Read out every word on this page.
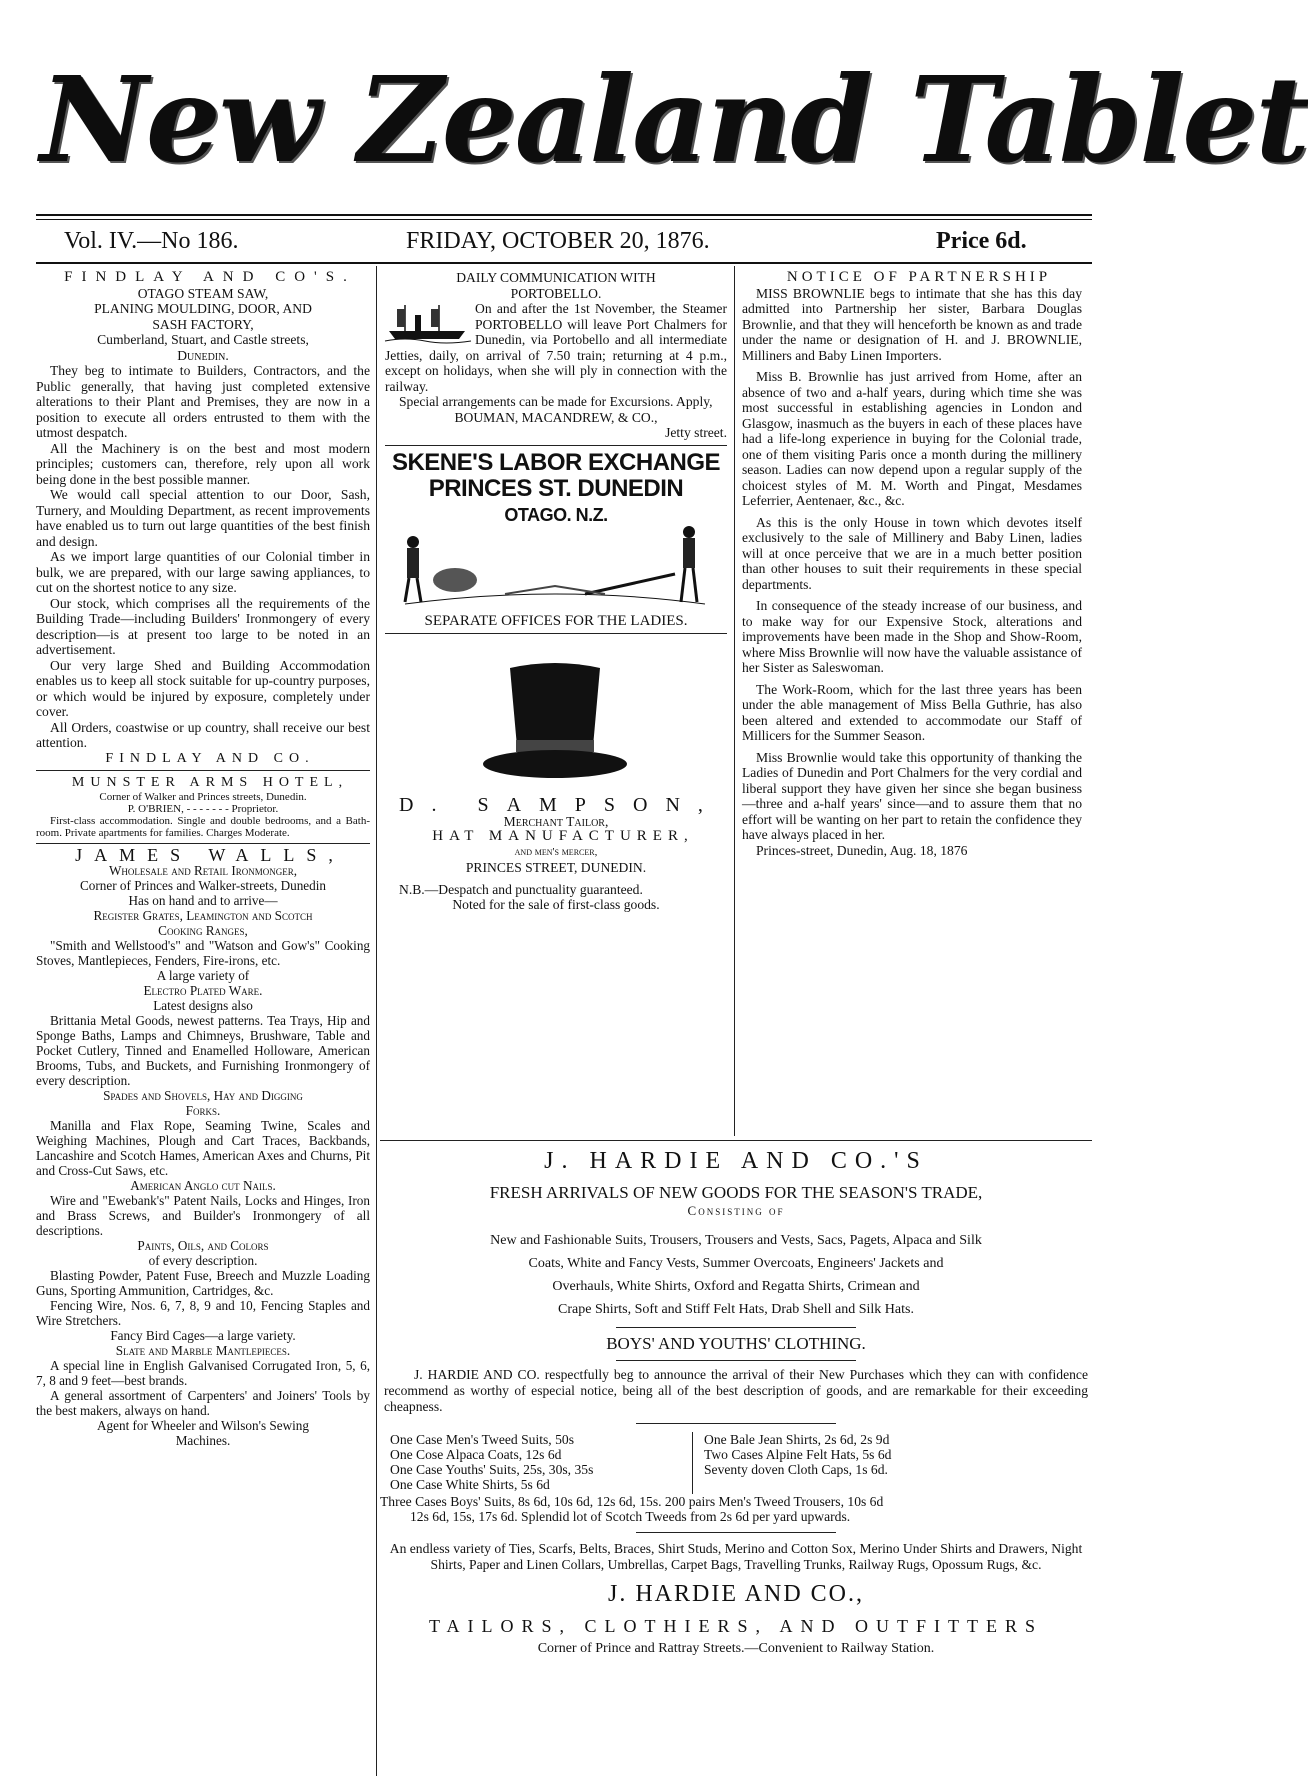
New Zealand Tablet
Vol. IV.—No 186.	FRIDAY, OCTOBER 20, 1876.	Price 6d.

FINDLAY AND CO'S.

OTAGO STEAM SAW,

PLANING MOULDING, DOOR, AND

SASH FACTORY,

Cumberland, Stuart, and Castle streets,

Dunedin.

They beg to intimate to Builders, Contractors, and the Public generally, that having just completed extensive alterations to their Plant and Premises, they are now in a position to execute all orders entrusted to them with the utmost despatch.

All the Machinery is on the best and most modern principles; customers can, therefore, rely upon all work being done in the best possible manner.

We would call special attention to our Door, Sash, Turnery, and Moulding Department, as recent improvements have enabled us to turn out large quantities of the best finish and design.

As we import large quantities of our Colonial timber in bulk, we are prepared, with our large sawing appliances, to cut on the shortest notice to any size.

Our stock, which comprises all the requirements of the Building Trade—including Builders' Ironmongery of every description—is at present too large to be noted in an advertisement.

Our very large Shed and Building Accommodation enables us to keep all stock suitable for up-country purposes, or which would be injured by exposure, completely under cover.

All Orders, coastwise or up country, shall receive our best attention.

FINDLAY AND CO.

MUNSTER ARMS HOTEL,

Corner of Walker and Princes streets, Dunedin.

P. O'BRIEN, - - - - - - - Proprietor.

First-class accommodation. Single and double bedrooms, and a Bath-room. Private apartments for families. Charges Moderate.

JAMES WALLS,

Wholesale and Retail Ironmonger,

Corner of Princes and Walker-streets, Dunedin

Has on hand and to arrive—

Register Grates, Leamington and Scotch

Cooking Ranges,

"Smith and Wellstood's" and "Watson and Gow's" Cooking Stoves, Mantlepieces, Fenders, Fire-irons, etc.

A large variety of

Electro Plated Ware.

Latest designs also

Brittania Metal Goods, newest patterns. Tea Trays, Hip and Sponge Baths, Lamps and Chimneys, Brushware, Table and Pocket Cutlery, Tinned and Enamelled Holloware, American Brooms, Tubs, and Buckets, and Furnishing Ironmongery of every description.

Spades and Shovels, Hay and Digging

Forks.

Manilla and Flax Rope, Seaming Twine, Scales and Weighing Machines, Plough and Cart Traces, Backbands, Lancashire and Scotch Hames, American Axes and Churns, Pit and Cross-Cut Saws, etc.

American Anglo cut Nails.

Wire and "Ewebank's" Patent Nails, Locks and Hinges, Iron and Brass Screws, and Builder's Ironmongery of all descriptions.

Paints, Oils, and Colors

of every description.

Blasting Powder, Patent Fuse, Breech and Muzzle Loading Guns, Sporting Ammunition, Cartridges, &c.

Fencing Wire, Nos. 6, 7, 8, 9 and 10, Fencing Staples and Wire Stretchers.

Fancy Bird Cages—a large variety.

Slate and Marble Mantlepieces.

A special line in English Galvanised Corrugated Iron, 5, 6, 7, 8 and 9 feet—best brands.

A general assortment of Carpenters' and Joiners' Tools by the best makers, always on hand.

Agent for Wheeler and Wilson's Sewing

Machines.

DAILY COMMUNICATION WITH

PORTOBELLO.

On and after the 1st November, the Steamer PORTOBELLO will leave Port Chalmers for Dunedin, via Portobello and all intermediate Jetties, daily, on arrival of 7.50 train; returning at 4 p.m., except on holidays, when she will ply in connection with the railway.

Special arrangements can be made for Excursions. Apply,

BOUMAN, MACANDREW, & CO.,

Jetty street.

SKENE'S LABOR EXCHANGE
PRINCES ST. DUNEDIN
OTAGO. N.Z.

SEPARATE OFFICES FOR THE LADIES.

D. SAMPSON,

Merchant Tailor,

HAT MANUFACTURER,

and men's mercer,

PRINCES STREET, DUNEDIN.

N.B.—Despatch and punctuality guaranteed.

Noted for the sale of first-class goods.

NOTICE OF PARTNERSHIP

MISS BROWNLIE begs to intimate that she has this day admitted into Partnership her sister, Barbara Douglas Brownlie, and that they will henceforth be known as and trade under the name or designation of H. and J. BROWNLIE, Milliners and Baby Linen Importers.

Miss B. Brownlie has just arrived from Home, after an absence of two and a-half years, during which time she was most successful in establishing agencies in London and Glasgow, inasmuch as the buyers in each of these places have had a life-long experience in buying for the Colonial trade, one of them visiting Paris once a month during the millinery season. Ladies can now depend upon a regular supply of the choicest styles of M. M. Worth and Pingat, Mesdames Leferrier, Aentenaer, &c., &c.

As this is the only House in town which devotes itself exclusively to the sale of Millinery and Baby Linen, ladies will at once perceive that we are in a much better position than other houses to suit their requirements in these special departments.

In consequence of the steady increase of our business, and to make way for our Expensive Stock, alterations and improvements have been made in the Shop and Show-Room, where Miss Brownlie will now have the valuable assistance of her Sister as Saleswoman.

The Work-Room, which for the last three years has been under the able management of Miss Bella Guthrie, has also been altered and extended to accommodate our Staff of Millicers for the Summer Season.

Miss Brownlie would take this opportunity of thanking the Ladies of Dunedin and Port Chalmers for the very cordial and liberal support they have given her since she began business—three and a-half years' since—and to assure them that no effort will be wanting on her part to retain the confidence they have always placed in her.

Princes-street, Dunedin, Aug. 18, 1876

J. HARDIE AND CO.'S
FRESH ARRIVALS OF NEW GOODS FOR THE SEASON'S TRADE,
Consisting of
New and Fashionable Suits, Trousers, Trousers and Vests, Sacs, Pagets, Alpaca and Silk
Coats, White and Fancy Vests, Summer Overcoats, Engineers' Jackets and
Overhauls, White Shirts, Oxford and Regatta Shirts, Crimean and
Crape Shirts, Soft and Stiff Felt Hats, Drab Shell and Silk Hats.
BOYS' AND YOUTHS' CLOTHING.
J. HARDIE AND CO. respectfully beg to announce the arrival of their New Purchases which they can with confidence recommend as worthy of especial notice, being all of the best description of goods, and are remarkable for their exceeding cheapness.
One Case Men's Tweed Suits, 50s
One Cose Alpaca Coats, 12s 6d
One Case Youths' Suits, 25s, 30s, 35s
One Case White Shirts, 5s 6d
One Bale Jean Shirts, 2s 6d, 2s 9d
Two Cases Alpine Felt Hats, 5s 6d
Seventy doven Cloth Caps, 1s 6d.
Three Cases Boys' Suits, 8s 6d, 10s 6d, 12s 6d, 15s. 200 pairs Men's Tweed Trousers, 10s 6d
12s 6d, 15s, 17s 6d. Splendid lot of Scotch Tweeds from 2s 6d per yard upwards.
An endless variety of Ties, Scarfs, Belts, Braces, Shirt Studs, Merino and Cotton Sox, Merino Under Shirts and Drawers, Night Shirts, Paper and Linen Collars, Umbrellas, Carpet Bags, Travelling Trunks, Railway Rugs, Opossum Rugs, &c.
J. HARDIE AND CO.,
TAILORS, CLOTHIERS, AND OUTFITTERS
Corner of Prince and Rattray Streets.—Convenient to Railway Station.
